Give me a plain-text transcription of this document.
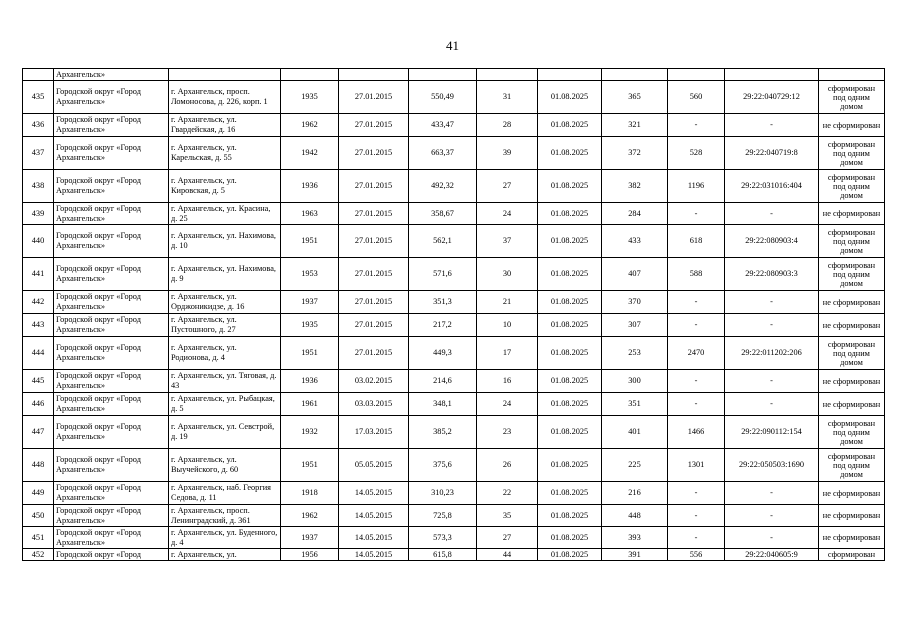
41
	Архангельск»										
435	Городской округ «Город Архангельск»	г. Архангельск, просп. Ломоносова, д. 226, корп. 1	1935	27.01.2015	550,49	31	01.08.2025	365	560	29:22:040729:12	сформирован под одним домом
436	Городской округ «Город Архангельск»	г. Архангельск, ул. Гвардейская, д. 16	1962	27.01.2015	433,47	28	01.08.2025	321	-	-	не сформирован
437	Городской округ «Город Архангельск»	г. Архангельск, ул. Карельская, д. 55	1942	27.01.2015	663,37	39	01.08.2025	372	528	29:22:040719:8	сформирован под одним домом
438	Городской округ «Город Архангельск»	г. Архангельск, ул. Кировская, д. 5	1936	27.01.2015	492,32	27	01.08.2025	382	1196	29:22:031016:404	сформирован под одним домом
439	Городской округ «Город Архангельск»	г. Архангельск, ул. Красина, д. 25	1963	27.01.2015	358,67	24	01.08.2025	284	-	-	не сформирован
440	Городской округ «Город Архангельск»	г. Архангельск, ул. Нахимова, д. 10	1951	27.01.2015	562,1	37	01.08.2025	433	618	29:22:080903:4	сформирован под одним домом
441	Городской округ «Город Архангельск»	г. Архангельск, ул. Нахимова, д. 9	1953	27.01.2015	571,6	30	01.08.2025	407	588	29:22:080903:3	сформирован под одним домом
442	Городской округ «Город Архангельск»	г. Архангельск, ул. Орджоникидзе, д. 16	1937	27.01.2015	351,3	21	01.08.2025	370	-	-	не сформирован
443	Городской округ «Город Архангельск»	г. Архангельск, ул. Пустошного, д. 27	1935	27.01.2015	217,2	10	01.08.2025	307	-	-	не сформирован
444	Городской округ «Город Архангельск»	г. Архангельск, ул. Родионова, д. 4	1951	27.01.2015	449,3	17	01.08.2025	253	2470	29:22:011202:206	сформирован под одним домом
445	Городской округ «Город Архангельск»	г. Архангельск, ул. Тяговая, д. 43	1936	03.02.2015	214,6	16	01.08.2025	300	-	-	не сформирован
446	Городской округ «Город Архангельск»	г. Архангельск, ул. Рыбацкая, д. 5	1961	03.03.2015	348,1	24	01.08.2025	351	-	-	не сформирован
447	Городской округ «Город Архангельск»	г. Архангельск, ул. Севстрой, д. 19	1932	17.03.2015	385,2	23	01.08.2025	401	1466	29:22:090112:154	сформирован под одним домом
448	Городской округ «Город Архангельск»	г. Архангельск, ул. Выучейского, д. 60	1951	05.05.2015	375,6	26	01.08.2025	225	1301	29:22:050503:1690	сформирован под одним домом
449	Городской округ «Город Архангельск»	г. Архангельск, наб. Георгия Седова, д. 11	1918	14.05.2015	310,23	22	01.08.2025	216	-	-	не сформирован
450	Городской округ «Город Архангельск»	г. Архангельск, просп. Ленинградский, д. 361	1962	14.05.2015	725,8	35	01.08.2025	448	-	-	не сформирован
451	Городской округ «Город Архангельск»	г. Архангельск, ул. Буденного, д. 4	1937	14.05.2015	573,3	27	01.08.2025	393	-	-	не сформирован
452	Городской округ «Город	г. Архангельск, ул.	1956	14.05.2015	615,8	44	01.08.2025	391	556	29:22:040605:9	сформирован
